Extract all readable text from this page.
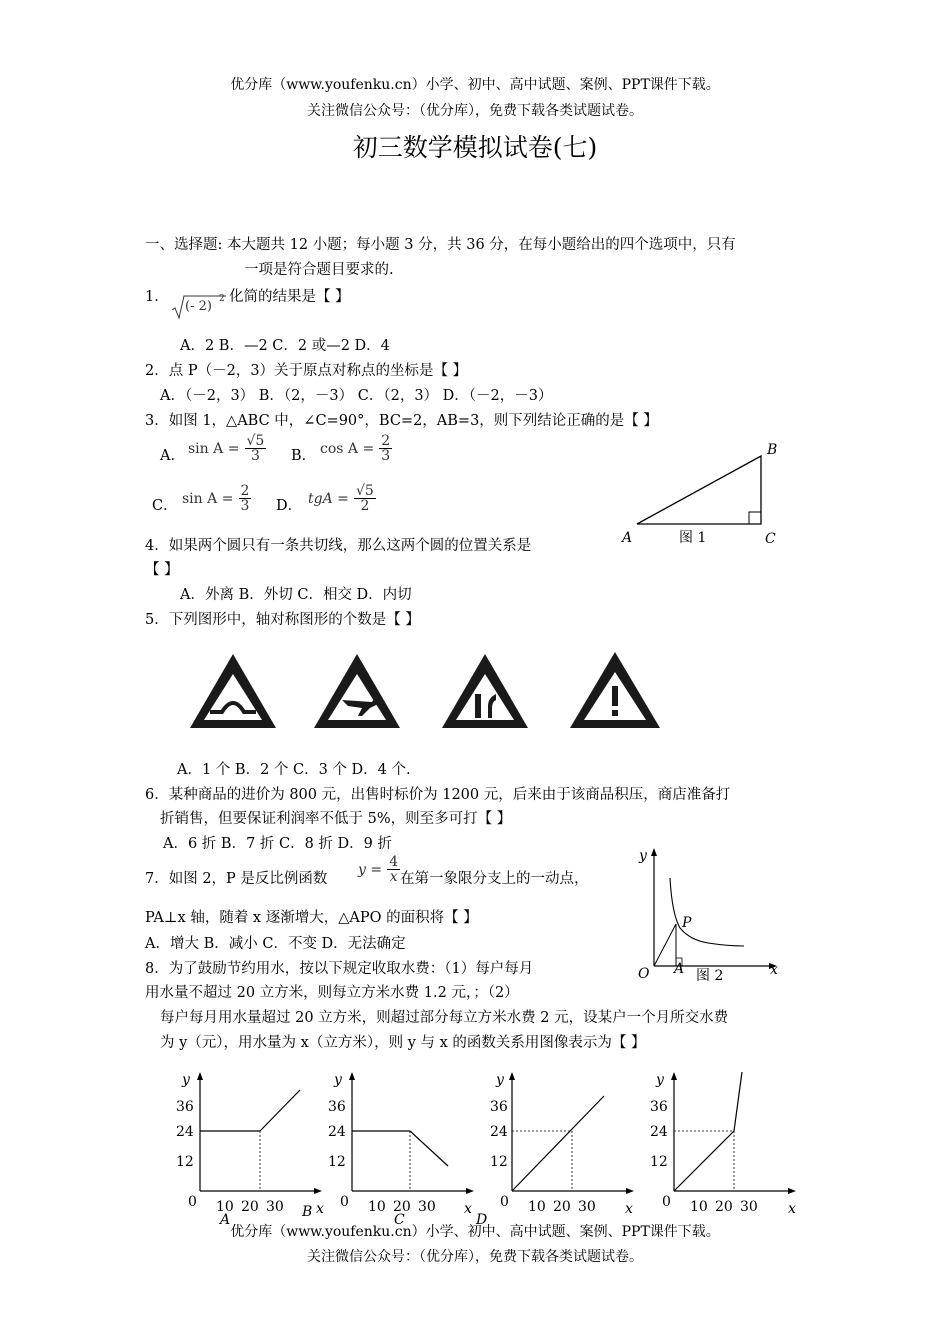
优分库（www.youfenku.cn）小学、初中、高中试题、案例、PPT课件下载。
关注微信公众号：（优分库），免费下载各类试题试卷。
初三数学模拟试卷(七)
一、选择题: 本大题共 12 小题；每小题 3 分，共 36 分，在每小题给出的四个选项中，只有
一项是符合题目要求的.
1．
(- 2) 2 化简的结果是【 】
A．2 B．—2 C．2 或—2 D．4
2．点 P（－2，3）关于原点对称点的坐标是【 】
A．（－2，3） B．（2，－3） C．（2，3） D．（－2，－3）
3．如图 1，△ABC 中，∠C=90°，BC=2，AB=3，则下列结论正确的是【 】
A． $\sin A = \frac{√5}{3}$ B． $\cos A = \frac{2}{3}$
C． $\sin A = \frac{2}{3}$ D． tgA = $\frac{√5}{2}$
B
A	C
图 1
4．如果两个圆只有一条共切线，那么这两个圆的位置关系是
【 】
A．外离 B．外切 C．相交 D．内切
5．下列图形中，轴对称图形的个数是【 】
A．1 个 B．2 个 C．3 个 D．4 个.
6．某种商品的进价为 800 元，出售时标价为 1200 元，后来由于该商品积压，商店准备打
折销售，但要保证利润率不低于 5%，则至多可打【 】
A．6 折 B．7 折 C．8 折 D．9 折
7．如图 2，P 是反比例函数
$y = \frac{4}{x}$ 在第一象限分支上的一动点，
PA⊥x 轴，随着 x 逐渐增大，△APO 的面积将【 】
A．增大 B．减小 C．不变 D．无法确定
y
P
O A 图 2	x
8．为了鼓励节约用水，按以下规定收取水费：（1）每户每月
用水量不超过 20 立方米，则每立方米水费 1.2 元，；（2）
每户每月用水量超过 20 立方米，则超过部分每立方米水费 2 元，设某户一个月所交水费
为 y（元），用水量为 x（立方米），则 y 与 x 的函数关系用图像表示为【 】
y
36
24
12
0 10 20 30 x
A
y
36
24
12
0 10 20 30 x
B
y
36
24
12
0 10 20 30 x
C
y
36
24
12
0 10 20 30 x
D
优分库（www.youfenku.cn）小学、初中、高中试题、案例、PPT课件下载。
关注微信公众号：（优分库），免费下载各类试题试卷。
